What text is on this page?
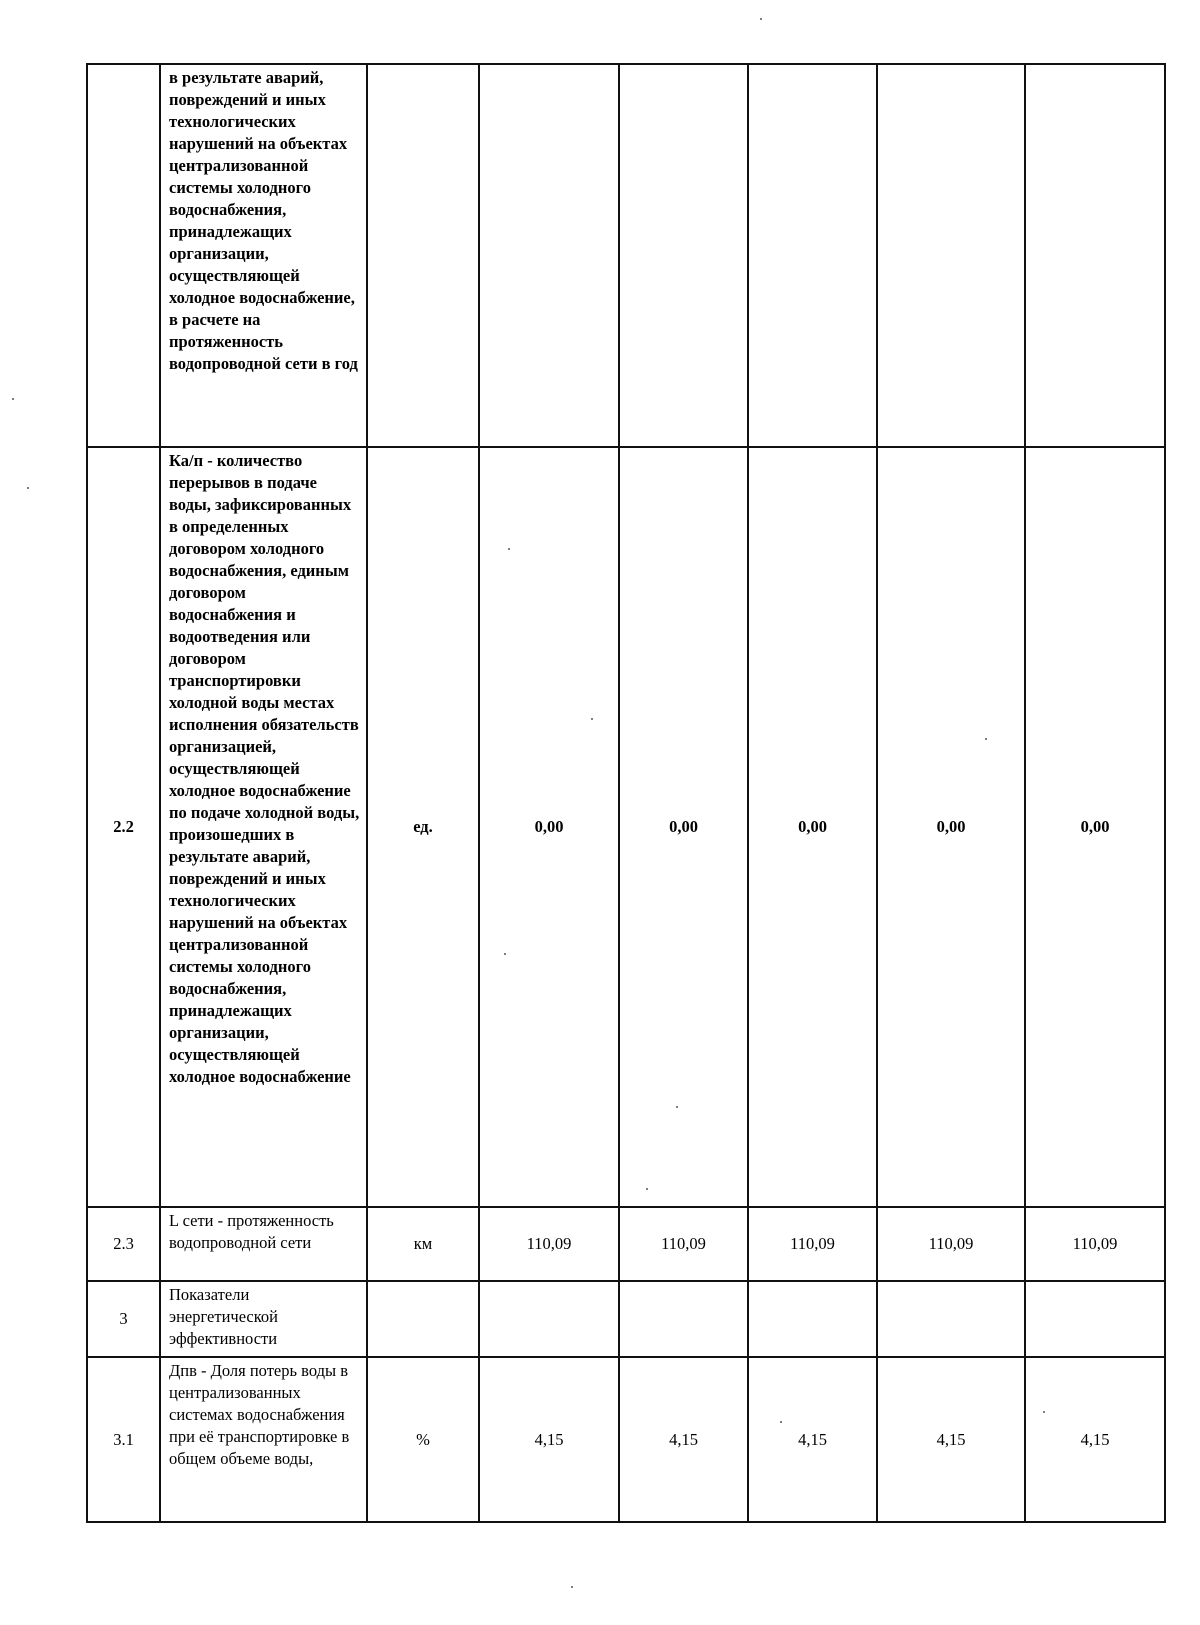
	в результате аварий, повреждений и иных технологических нарушений на объектах централизованной системы холодного водоснабжения, принадлежащих организации, осуществляющей холодное водоснабжение, в расчете на протяженность водопроводной сети в год						
2.2	Ка/п - количество перерывов в подаче воды, зафиксированных в определенных договором холодного водоснабжения, единым договором водоснабжения и водоотведения или договором транспортировки холодной воды местах исполнения обязательств организацией, осуществляющей холодное водоснабжение по подаче холодной воды, произошедших в результате аварий, повреждений и иных технологических нарушений на объектах централизованной системы холодного водоснабжения, принадлежащих организации, осуществляющей холодное водоснабжение	ед.	0,00	0,00	0,00	0,00	0,00
2.3	L сети - протяженность водопроводной сети	км	110,09	110,09	110,09	110,09	110,09
3	Показатели энергетической эффективности						
3.1	Дпв - Доля потерь воды в централизованных системах водоснабжения при её транспортировке в общем объеме воды,	%	4,15	4,15	4,15	4,15	4,15
